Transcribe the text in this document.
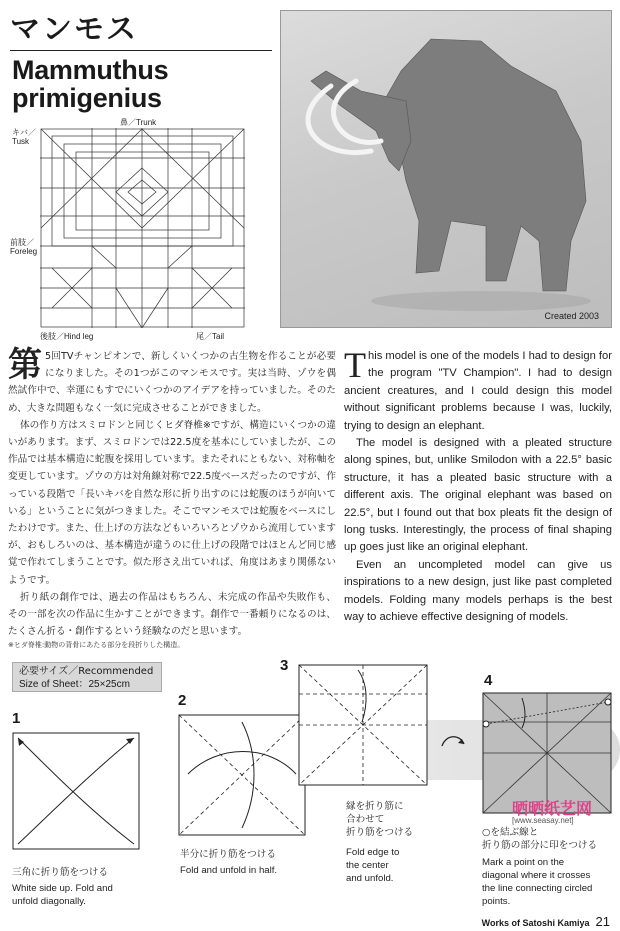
マンモス
Mammuthus
primigenius
鼻／Trunk
キバ／
Tusk
前肢／
Foreleg
後肢／Hind leg	尾／Tail
Created 2003

第 5回TVチャンピオンで、新しくいくつかの古生物を作ることが必要になりました。その1つがこのマンモスです。実は当時、ゾウを偶然試作中で、幸運にもすでにいくつかのアイデアを持っていました。そのため、大きな問題もなく一気に完成させることができました。

体の作り方はスミロドンと同じくヒダ脊椎※ですが、構造にいくつかの違いがあります。まず、スミロドンでは22.5度を基本にしていましたが、この作品では基本構造に蛇腹を採用しています。またそれにともない、対称軸を変更しています。ゾウの方は対角線対称で22.5度ベースだったのですが、作っている段階で「長いキバを自然な形に折り出すのには蛇腹のほうが向いている」ということに気がつきました。そこでマンモスでは蛇腹をベースにしたわけです。また、仕上げの方法などもいろいろとゾウから流用していますが、おもしろいのは、基本構造が違うのに仕上げの段階ではほとんど同じ感覚で作れてしまうことです。似た形さえ出ていれば、角度はあまり関係ないようです。

折り紙の創作では、過去の作品はもちろん、未完成の作品や失敗作も、その一部を次の作品に生かすことができます。創作で一番頼りになるのは、たくさん折る・創作するという経験なのだと思います。

※ヒダ脊椎:動物の背骨にあたる部分を段折りした構造。

This model is one of the models I had to design for the program "TV Champion". I had to design ancient creatures, and I could design this model without significant problems because I was, luckily, trying to design an elephant.

The model is designed with a pleated structure along spines, but, unlike Smilodon with a 22.5° basic structure, it has a pleated basic structure with a different axis. The original elephant was based on 22.5°, but I found out that box pleats fit the design of long tusks. Interestingly, the process of final shaping up goes just like an original elephant.

Even an uncompleted model can give us inspirations to a new design, just like past completed models. Folding many models perhaps is the best way to achieve effective designing of models.

必要サイズ／Recommended
Size of Sheet：25×25cm
1
三角に折り筋をつける
White side up. Fold and
unfold diagonally.
2
半分に折り筋をつける
Fold and unfold in half.
3
縁を折り筋に
合わせて
折り筋をつける
Fold edge to
the center
and unfold.
4
○を結ぶ線と
折り筋の部分に印をつける
Mark a point on the
diagonal where it crosses
the line connecting circled
points.
晒晒纸艺网
[www.seasay.net]
Works of Satoshi Kamiya 21
